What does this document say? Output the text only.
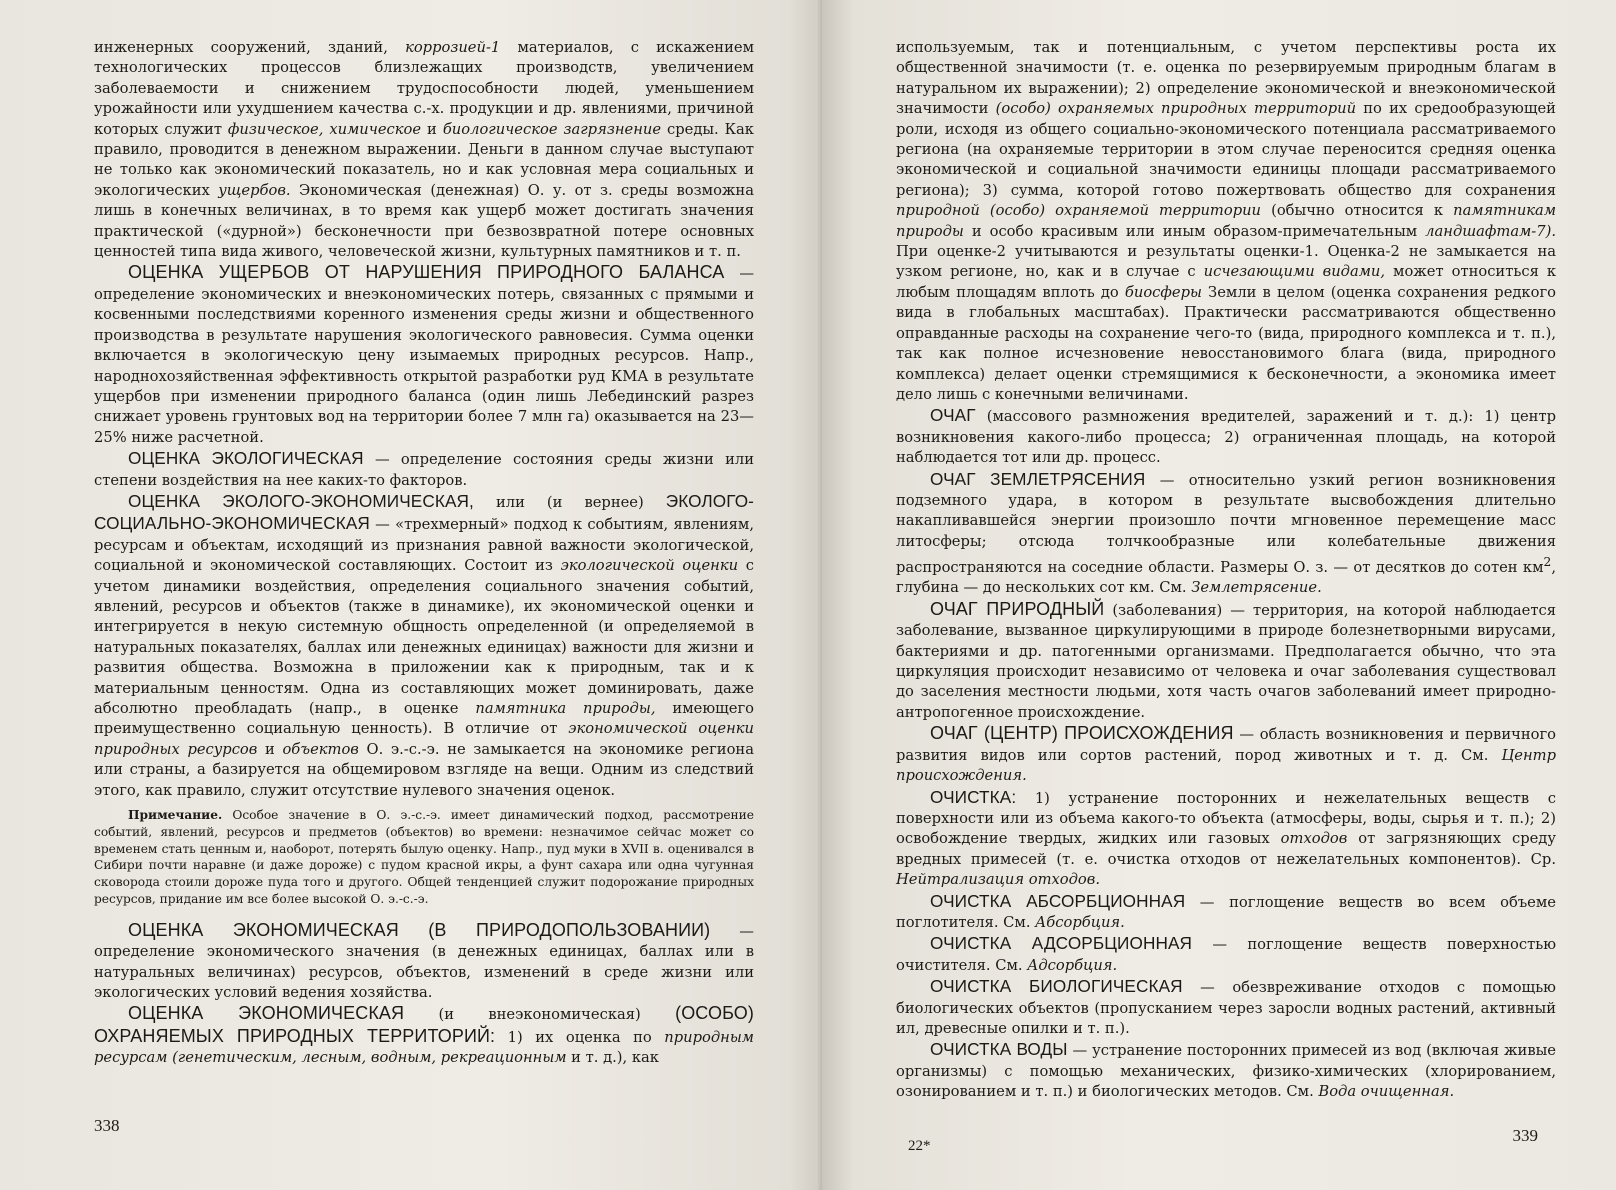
инженерных сооружений, зданий, коррозией-1 материалов, с искажением технологических процессов близлежащих производств, увеличением заболеваемости и снижением трудоспособности людей, уменьшением урожайности или ухудшением качества с.-х. продукции и др. явлениями, причиной которых служит физическое, химическое и биологическое загрязнение среды. Как правило, проводится в денежном выражении. Деньги в данном случае выступают не только как экономический показатель, но и как условная мера социальных и экологических ущербов. Экономическая (денежная) О. у. от з. среды возможна лишь в конечных величинах, в то время как ущерб может достигать значения практической («дурной») бесконечности при безвозвратной потере основных ценностей типа вида живого, человеческой жизни, культурных памятников и т. п.

ОЦЕНКА УЩЕРБОВ ОТ НАРУШЕНИЯ ПРИРОДНОГО БАЛАНСА — определение экономических и внеэкономических потерь, связанных с прямыми и косвенными последствиями коренного изменения среды жизни и общественного производства в результате нарушения экологического равновесия. Сумма оценки включается в экологическую цену изымаемых природных ресурсов. Напр., народнохозяйственная эффективность открытой разработки руд КМА в результате ущербов при изменении природного баланса (один лишь Лебединский разрез снижает уровень грунтовых вод на территории более 7 млн га) оказывается на 23—25% ниже расчетной.

ОЦЕНКА ЭКОЛОГИЧЕСКАЯ — определение состояния среды жизни или степени воздействия на нее каких-то факторов.

ОЦЕНКА ЭКОЛОГО-ЭКОНОМИЧЕСКАЯ, или (и вернее) ЭКОЛОГО-СОЦИАЛЬНО-ЭКОНОМИЧЕСКАЯ — «трехмерный» подход к событиям, явлениям, ресурсам и объектам, исходящий из признания равной важности экологической, социальной и экономической составляющих. Состоит из экологической оценки с учетом динамики воздействия, определения социального значения событий, явлений, ресурсов и объектов (также в динамике), их экономической оценки и интегрируется в некую системную общность определенной (и определяемой в натуральных показателях, баллах или денежных единицах) важности для жизни и развития общества. Возможна в приложении как к природным, так и к материальным ценностям. Одна из составляющих может доминировать, даже абсолютно преобладать (напр., в оценке памятника природы, имеющего преимущественно социальную ценность). В отличие от экономической оценки природных ресурсов и объектов О. э.-с.-э. не замыкается на экономике региона или страны, а базируется на общемировом взгляде на вещи. Одним из следствий этого, как правило, служит отсутствие нулевого значения оценок.

Примечание. Особое значение в О. э.-с.-э. имеет динамический подход, рассмотрение событий, явлений, ресурсов и предметов (объектов) во времени: незначимое сейчас может со временем стать ценным и, наоборот, потерять былую оценку. Напр., пуд муки в XVII в. оценивался в Сибири почти наравне (и даже дороже) с пудом красной икры, а фунт сахара или одна чугунная сковорода стоили дороже пуда того и другого. Общей тенденцией служит подорожание природных ресурсов, придание им все более высокой О. э.-с.-э.

ОЦЕНКА ЭКОНОМИЧЕСКАЯ (В ПРИРОДОПОЛЬЗОВАНИИ) — определение экономического значения (в денежных единицах, баллах или в натуральных величинах) ресурсов, объектов, изменений в среде жизни или экологических условий ведения хозяйства.

ОЦЕНКА ЭКОНОМИЧЕСКАЯ (и внеэкономическая) (ОСОБО) ОХРАНЯЕМЫХ ПРИРОДНЫХ ТЕРРИТОРИЙ: 1) их оценка по природным ресурсам (генетическим, лесным, водным, рекреационным и т. д.), как

338

используемым, так и потенциальным, с учетом перспективы роста их общественной значимости (т. е. оценка по резервируемым природным благам в натуральном их выражении); 2) определение экономической и внеэкономической значимости (особо) охраняемых природных территорий по их средообразующей роли, исходя из общего социально-экономического потенциала рассматриваемого региона (на охраняемые территории в этом случае переносится средняя оценка экономической и социальной значимости единицы площади рассматриваемого региона); 3) сумма, которой готово пожертвовать общество для сохранения природной (особо) охраняемой территории (обычно относится к памятникам природы и особо красивым или иным образом-примечательным ландшафтам-7). При оценке-2 учитываются и результаты оценки-1. Оценка-2 не замыкается на узком регионе, но, как и в случае с исчезающими видами, может относиться к любым площадям вплоть до биосферы Земли в целом (оценка сохранения редкого вида в глобальных масштабах). Практически рассматриваются общественно оправданные расходы на сохранение чего-то (вида, природного комплекса и т. п.), так как полное исчезновение невосстановимого блага (вида, природного комплекса) делает оценки стремящимися к бесконечности, а экономика имеет дело лишь с конечными величинами.

ОЧАГ (массового размножения вредителей, заражений и т. д.): 1) центр возникновения какого-либо процесса; 2) ограниченная площадь, на которой наблюдается тот или др. процесс.

ОЧАГ ЗЕМЛЕТРЯСЕНИЯ — относительно узкий регион возникновения подземного удара, в котором в результате высвобождения длительно накапливавшейся энергии произошло почти мгновенное перемещение масс литосферы; отсюда толчкообразные или колебательные движения распространяются на соседние области. Размеры О. з. — от десятков до сотен $км^2$, глубина — до нескольких сот км. См. Землетрясение.

ОЧАГ ПРИРОДНЫЙ (заболевания) — территория, на которой наблюдается заболевание, вызванное циркулирующими в природе болезнетворными вирусами, бактериями и др. патогенными организмами. Предполагается обычно, что эта циркуляция происходит независимо от человека и очаг заболевания существовал до заселения местности людьми, хотя часть очагов заболеваний имеет природно-антропогенное происхождение.

ОЧАГ (ЦЕНТР) ПРОИСХОЖДЕНИЯ — область возникновения и первичного развития видов или сортов растений, пород животных и т. д. См. Центр происхождения.

ОЧИСТКА: 1) устранение посторонних и нежелательных веществ с поверхности или из объема какого-то объекта (атмосферы, воды, сырья и т. п.); 2) освобождение твердых, жидких или газовых отходов от загрязняющих среду вредных примесей (т. е. очистка отходов от нежелательных компонентов). Ср. Нейтрализация отходов.

ОЧИСТКА АБСОРБЦИОННАЯ — поглощение веществ во всем объеме поглотителя. См. Абсорбция.

ОЧИСТКА АДСОРБЦИОННАЯ — поглощение веществ поверхностью очистителя. См. Адсорбция.

ОЧИСТКА БИОЛОГИЧЕСКАЯ — обезвреживание отходов с помощью биологических объектов (пропусканием через заросли водных растений, активный ил, древесные опилки и т. п.).

ОЧИСТКА ВОДЫ — устранение посторонних примесей из вод (включая живые организмы) с помощью механических, физико-химических (хлорированием, озонированием и т. п.) и биологических методов. См. Вода очищенная.

22*
339
